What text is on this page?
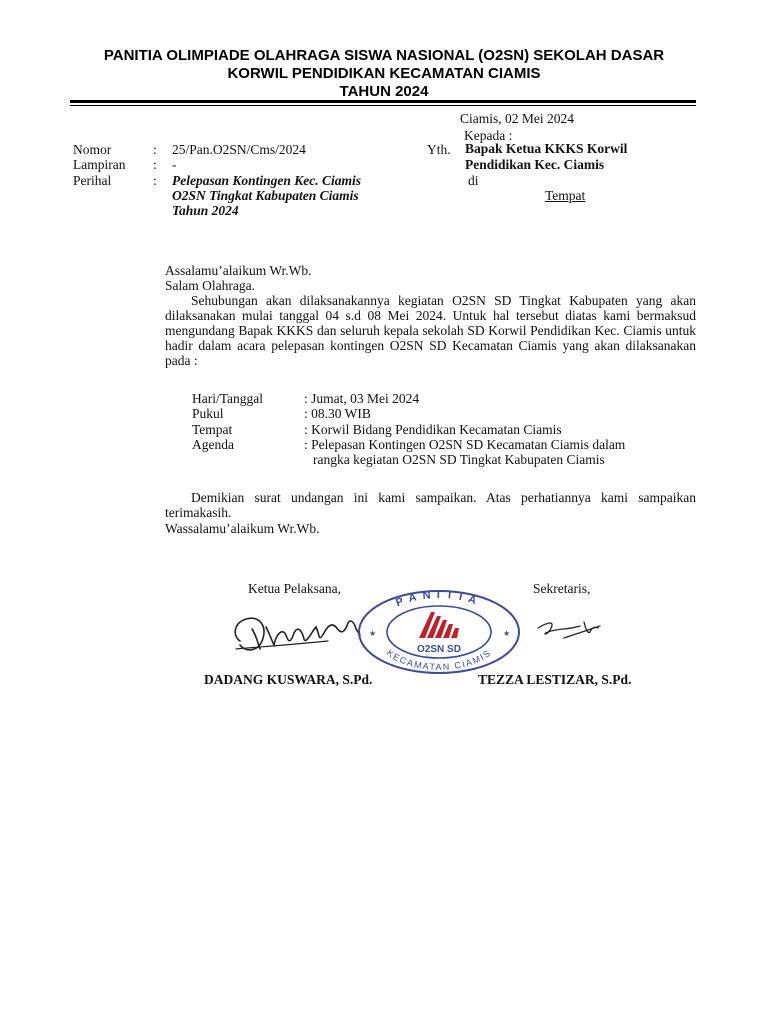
PANITIA OLIMPIADE OLAHRAGA SISWA NASIONAL (O2SN) SEKOLAH DASAR
KORWIL PENDIDIKAN KECAMATAN CIAMIS
TAHUN 2024
Ciamis, 02 Mei 2024
Kepada :
Yth. Bapak Ketua KKKS Korwil
Pendidikan Kec. Ciamis
di
Tempat
Nomor	: 25/Pan.O2SN/Cms/2024
Lampiran : -
Perihal	: Pelepasan Kontingen Kec. Ciamis
O2SN Tingkat Kabupaten Ciamis
Tahun 2024
Assalamu’alaikum Wr.Wb.
Salam Olahraga.
Sehubungan akan dilaksanakannya kegiatan O2SN SD Tingkat Kabupaten yang akan dilaksanakan mulai tanggal 04 s.d 08 Mei 2024. Untuk hal tersebut diatas kami bermaksud mengundang Bapak KKKS dan seluruh kepala sekolah SD Korwil Pendidikan Kec. Ciamis untuk hadir dalam acara pelepasan kontingen O2SN SD Kecamatan Ciamis yang akan dilaksanakan pada :
Hari/Tanggal	: Jumat, 03 Mei 2024
Pukul	: 08.30 WIB
Tempat	: Korwil Bidang Pendidikan Kecamatan Ciamis
Agenda	: Pelepasan Kontingen O2SN SD Kecamatan Ciamis dalam
rangka kegiatan O2SN SD Tingkat Kabupaten Ciamis
Demikian surat undangan ini kami sampaikan. Atas perhatiannya kami sampaikan terimakasih.
Wassalamu’alaikum Wr.Wb.
Ketua Pelaksana,	Sekretaris,
PANITIA
KECAMATAN CIAMIS
O2SN SD
★	★
DADANG KUSWARA, S.Pd.	TEZZA LESTIZAR, S.Pd.
